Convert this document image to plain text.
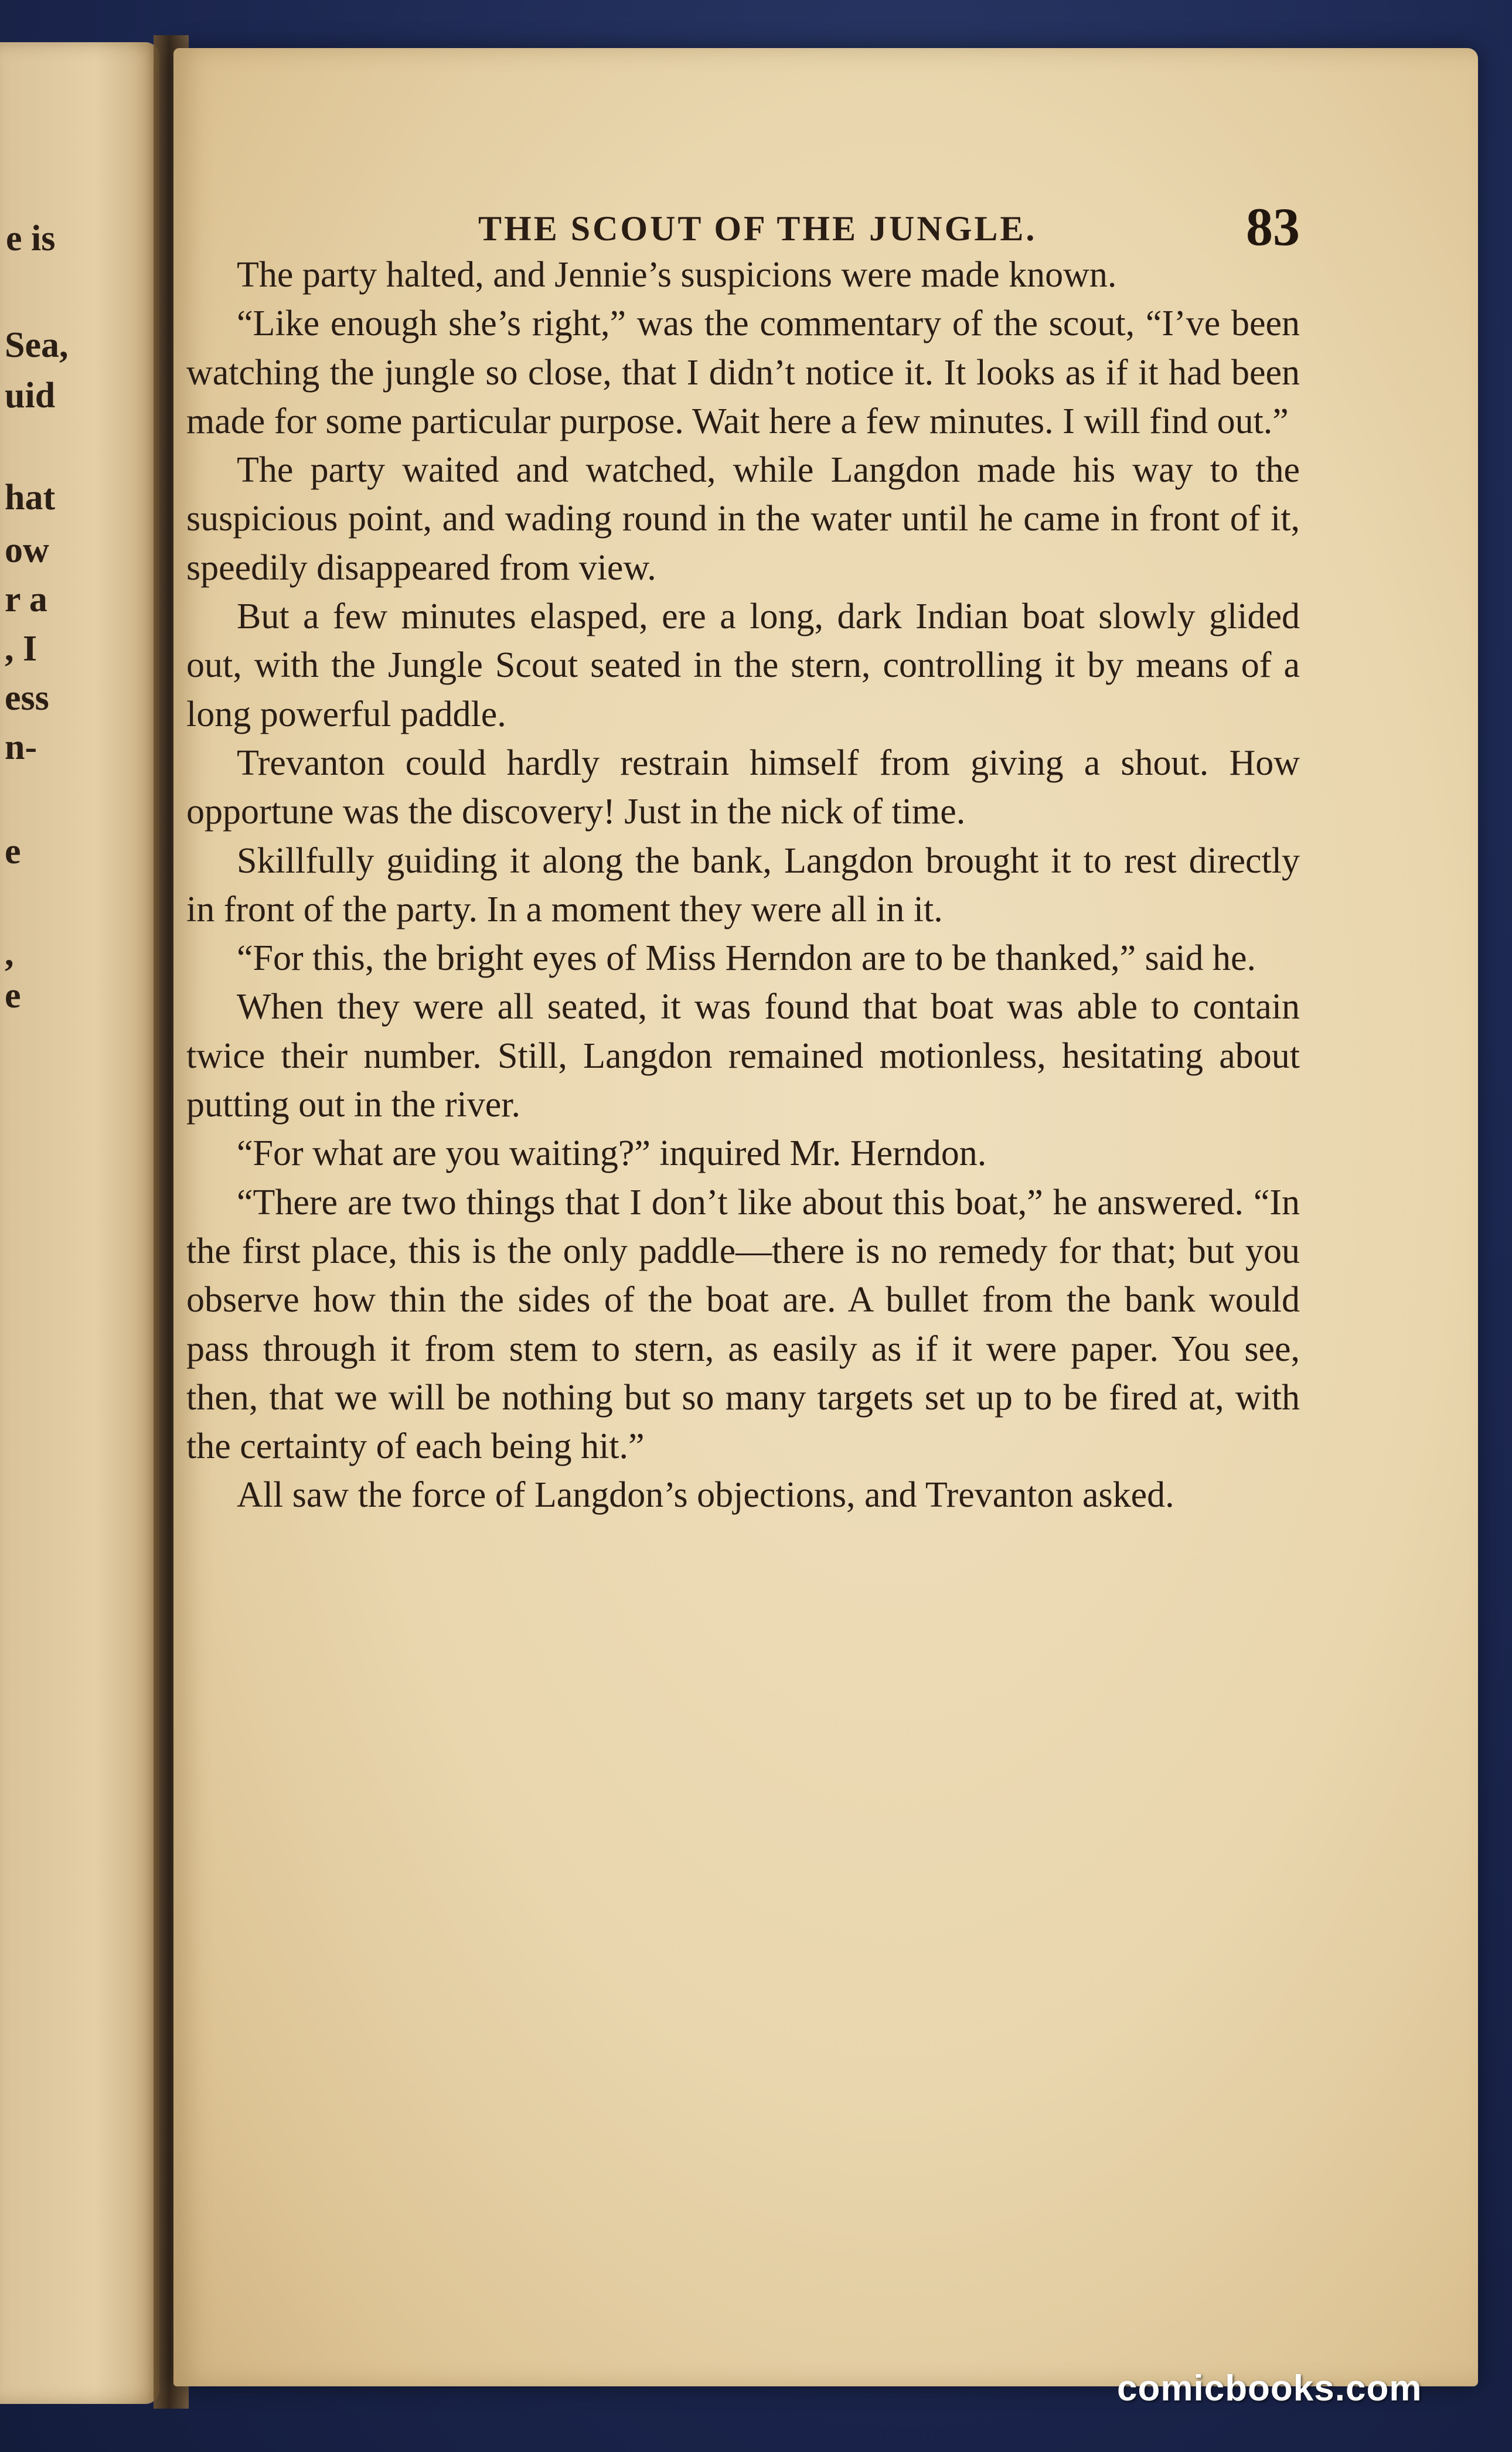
e is
Sea,
uid
hat
ow
r a
, I
ess
n-
e
,
e
THE SCOUT OF THE JUNGLE.	83

The party halted, and Jennie’s suspicions were made known.

“Like enough she’s right,” was the commentary of the scout, “I’ve been watching the jungle so close, that I didn’t notice it. It looks as if it had been made for some particular purpose. Wait here a few minutes. I will find out.”

The party waited and watched, while Langdon made his way to the suspicious point, and wading round in the water until he came in front of it, speedily disappeared from view.

But a few minutes elasped, ere a long, dark Indian boat slowly glided out, with the Jungle Scout seated in the stern, controlling it by means of a long powerful paddle.

Trevanton could hardly restrain himself from giving a shout. How opportune was the discovery! Just in the nick of time.

Skillfully guiding it along the bank, Langdon brought it to rest directly in front of the party. In a moment they were all in it.

“For this, the bright eyes of Miss Herndon are to be thanked,” said he.

When they were all seated, it was found that boat was able to contain twice their number. Still, Langdon remained motionless, hesitating about putting out in the river.

“For what are you waiting?” inquired Mr. Herndon.

“There are two things that I don’t like about this boat,” he answered. “In the first place, this is the only paddle—there is no remedy for that; but you observe how thin the sides of the boat are. A bullet from the bank would pass through it from stem to stern, as easily as if it were paper. You see, then, that we will be nothing but so many targets set up to be fired at, with the certainty of each being hit.”

All saw the force of Langdon’s objections, and Trevanton asked.

comicbooks.com
